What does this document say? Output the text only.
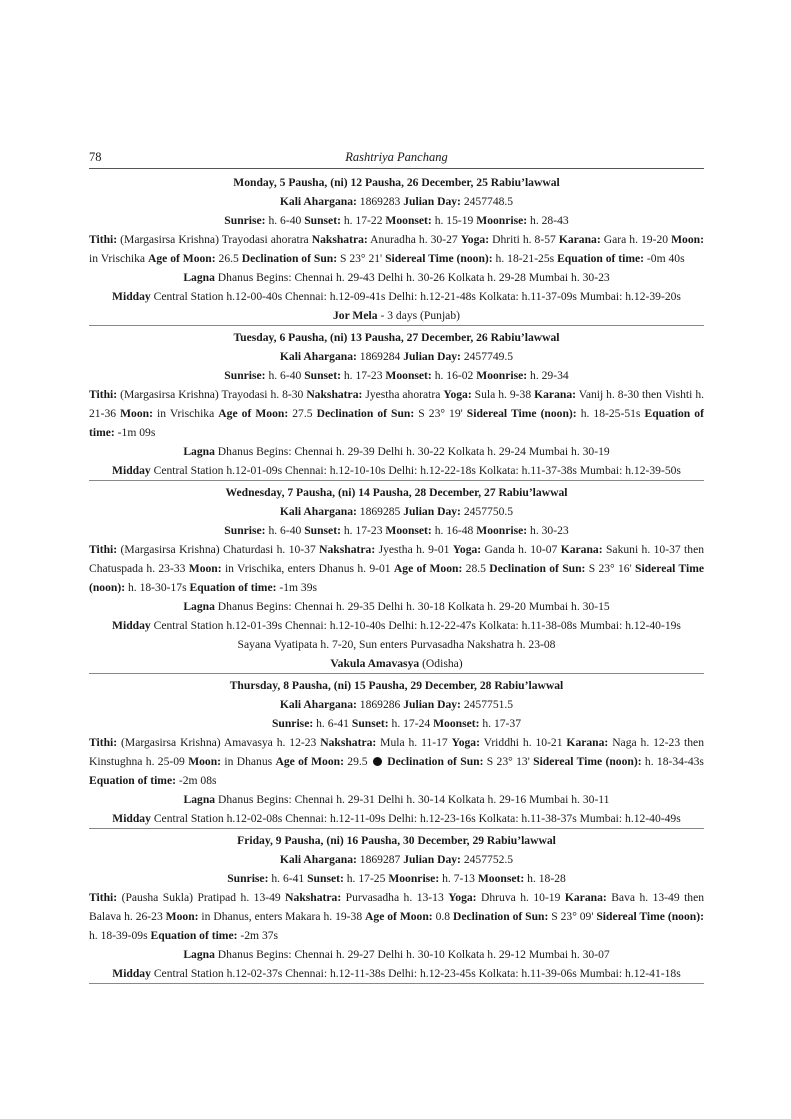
78	Rashtriya Panchang
Monday, 5 Pausha, (ni) 12 Pausha, 26 December, 25 Rabiu’lawwal
Kali Ahargana: 1869283 Julian Day: 2457748.5
Sunrise: h. 6-40 Sunset: h. 17-22 Moonset: h. 15-19 Moonrise: h. 28-43
Tithi: (Margasirsa Krishna) Trayodasi ahoratra Nakshatra: Anuradha h. 30-27 Yoga: Dhriti h. 8-57 Karana: Gara h. 19-20 Moon: in Vrischika Age of Moon: 26.5 Declination of Sun: S 23° 21' Sidereal Time (noon): h. 18-21-25s Equation of time: -0m 40s
Lagna Dhanus Begins: Chennai h. 29-43 Delhi h. 30-26 Kolkata h. 29-28 Mumbai h. 30-23
Midday Central Station h.12-00-40s Chennai: h.12-09-41s Delhi: h.12-21-48s Kolkata: h.11-37-09s Mumbai: h.12-39-20s
Jor Mela - 3 days (Punjab)
Tuesday, 6 Pausha, (ni) 13 Pausha, 27 December, 26 Rabiu’lawwal
Kali Ahargana: 1869284 Julian Day: 2457749.5
Sunrise: h. 6-40 Sunset: h. 17-23 Moonset: h. 16-02 Moonrise: h. 29-34
Tithi: (Margasirsa Krishna) Trayodasi h. 8-30 Nakshatra: Jyestha ahoratra Yoga: Sula h. 9-38 Karana: Vanij h. 8-30 then Vishti h. 21-36 Moon: in Vrischika Age of Moon: 27.5 Declination of Sun: S 23° 19' Sidereal Time (noon): h. 18-25-51s Equation of time: -1m 09s
Lagna Dhanus Begins: Chennai h. 29-39 Delhi h. 30-22 Kolkata h. 29-24 Mumbai h. 30-19
Midday Central Station h.12-01-09s Chennai: h.12-10-10s Delhi: h.12-22-18s Kolkata: h.11-37-38s Mumbai: h.12-39-50s
Wednesday, 7 Pausha, (ni) 14 Pausha, 28 December, 27 Rabiu’lawwal
Kali Ahargana: 1869285 Julian Day: 2457750.5
Sunrise: h. 6-40 Sunset: h. 17-23 Moonset: h. 16-48 Moonrise: h. 30-23
Tithi: (Margasirsa Krishna) Chaturdasi h. 10-37 Nakshatra: Jyestha h. 9-01 Yoga: Ganda h. 10-07 Karana: Sakuni h. 10-37 then Chatuspada h. 23-33 Moon: in Vrischika, enters Dhanus h. 9-01 Age of Moon: 28.5 Declination of Sun: S 23° 16' Sidereal Time (noon): h. 18-30-17s Equation of time: -1m 39s
Lagna Dhanus Begins: Chennai h. 29-35 Delhi h. 30-18 Kolkata h. 29-20 Mumbai h. 30-15
Midday Central Station h.12-01-39s Chennai: h.12-10-40s Delhi: h.12-22-47s Kolkata: h.11-38-08s Mumbai: h.12-40-19s
Sayana Vyatipata h. 7-20, Sun enters Purvasadha Nakshatra h. 23-08
Vakula Amavasya (Odisha)
Thursday, 8 Pausha, (ni) 15 Pausha, 29 December, 28 Rabiu’lawwal
Kali Ahargana: 1869286 Julian Day: 2457751.5
Sunrise: h. 6-41 Sunset: h. 17-24 Moonset: h. 17-37
Tithi: (Margasirsa Krishna) Amavasya h. 12-23 Nakshatra: Mula h. 11-17 Yoga: Vriddhi h. 10-21 Karana: Naga h. 12-23 then Kinstughna h. 25-09 Moon: in Dhanus Age of Moon: 29.5 Declination of Sun: S 23° 13' Sidereal Time (noon): h. 18-34-43s Equation of time: -2m 08s
Lagna Dhanus Begins: Chennai h. 29-31 Delhi h. 30-14 Kolkata h. 29-16 Mumbai h. 30-11
Midday Central Station h.12-02-08s Chennai: h.12-11-09s Delhi: h.12-23-16s Kolkata: h.11-38-37s Mumbai: h.12-40-49s
Friday, 9 Pausha, (ni) 16 Pausha, 30 December, 29 Rabiu’lawwal
Kali Ahargana: 1869287 Julian Day: 2457752.5
Sunrise: h. 6-41 Sunset: h. 17-25 Moonrise: h. 7-13 Moonset: h. 18-28
Tithi: (Pausha Sukla) Pratipad h. 13-49 Nakshatra: Purvasadha h. 13-13 Yoga: Dhruva h. 10-19 Karana: Bava h. 13-49 then Balava h. 26-23 Moon: in Dhanus, enters Makara h. 19-38 Age of Moon: 0.8 Declination of Sun: S 23° 09' Sidereal Time (noon): h. 18-39-09s Equation of time: -2m 37s
Lagna Dhanus Begins: Chennai h. 29-27 Delhi h. 30-10 Kolkata h. 29-12 Mumbai h. 30-07
Midday Central Station h.12-02-37s Chennai: h.12-11-38s Delhi: h.12-23-45s Kolkata: h.11-39-06s Mumbai: h.12-41-18s
